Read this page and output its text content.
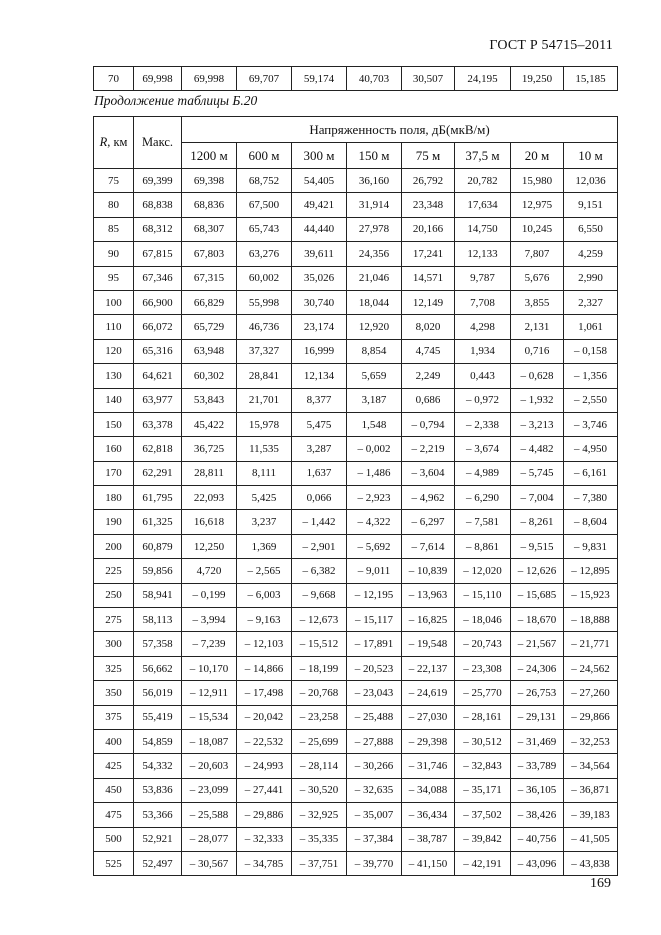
ГОСТ Р 54715–2011
70	69,998	69,998	69,707	59,174	40,703	30,507	24,195	19,250	15,185
Продолжение таблицы Б.20
R, км	Макс.	Напряженность поля, дБ(мкВ/м)							
		1200 м	600 м	300 м	150 м	75 м	37,5 м	20 м	10 м
75	69,399	69,398	68,752	54,405	36,160	26,792	20,782	15,980	12,036
80	68,838	68,836	67,500	49,421	31,914	23,348	17,634	12,975	9,151
85	68,312	68,307	65,743	44,440	27,978	20,166	14,750	10,245	6,550
90	67,815	67,803	63,276	39,611	24,356	17,241	12,133	7,807	4,259
95	67,346	67,315	60,002	35,026	21,046	14,571	9,787	5,676	2,990
100	66,900	66,829	55,998	30,740	18,044	12,149	7,708	3,855	2,327
110	66,072	65,729	46,736	23,174	12,920	8,020	4,298	2,131	1,061
120	65,316	63,948	37,327	16,999	8,854	4,745	1,934	0,716	– 0,158
130	64,621	60,302	28,841	12,134	5,659	2,249	0,443	– 0,628	– 1,356
140	63,977	53,843	21,701	8,377	3,187	0,686	– 0,972	– 1,932	– 2,550
150	63,378	45,422	15,978	5,475	1,548	– 0,794	– 2,338	– 3,213	– 3,746
160	62,818	36,725	11,535	3,287	– 0,002	– 2,219	– 3,674	– 4,482	– 4,950
170	62,291	28,811	8,111	1,637	– 1,486	– 3,604	– 4,989	– 5,745	– 6,161
180	61,795	22,093	5,425	0,066	– 2,923	– 4,962	– 6,290	– 7,004	– 7,380
190	61,325	16,618	3,237	– 1,442	– 4,322	– 6,297	– 7,581	– 8,261	– 8,604
200	60,879	12,250	1,369	– 2,901	– 5,692	– 7,614	– 8,861	– 9,515	– 9,831
225	59,856	4,720	– 2,565	– 6,382	– 9,011	– 10,839	– 12,020	– 12,626	– 12,895
250	58,941	– 0,199	– 6,003	– 9,668	– 12,195	– 13,963	– 15,110	– 15,685	– 15,923
275	58,113	– 3,994	– 9,163	– 12,673	– 15,117	– 16,825	– 18,046	– 18,670	– 18,888
300	57,358	– 7,239	– 12,103	– 15,512	– 17,891	– 19,548	– 20,743	– 21,567	– 21,771
325	56,662	– 10,170	– 14,866	– 18,199	– 20,523	– 22,137	– 23,308	– 24,306	– 24,562
350	56,019	– 12,911	– 17,498	– 20,768	– 23,043	– 24,619	– 25,770	– 26,753	– 27,260
375	55,419	– 15,534	– 20,042	– 23,258	– 25,488	– 27,030	– 28,161	– 29,131	– 29,866
400	54,859	– 18,087	– 22,532	– 25,699	– 27,888	– 29,398	– 30,512	– 31,469	– 32,253
425	54,332	– 20,603	– 24,993	– 28,114	– 30,266	– 31,746	– 32,843	– 33,789	– 34,564
450	53,836	– 23,099	– 27,441	– 30,520	– 32,635	– 34,088	– 35,171	– 36,105	– 36,871
475	53,366	– 25,588	– 29,886	– 32,925	– 35,007	– 36,434	– 37,502	– 38,426	– 39,183
500	52,921	– 28,077	– 32,333	– 35,335	– 37,384	– 38,787	– 39,842	– 40,756	– 41,505
525	52,497	– 30,567	– 34,785	– 37,751	– 39,770	– 41,150	– 42,191	– 43,096	– 43,838
169
